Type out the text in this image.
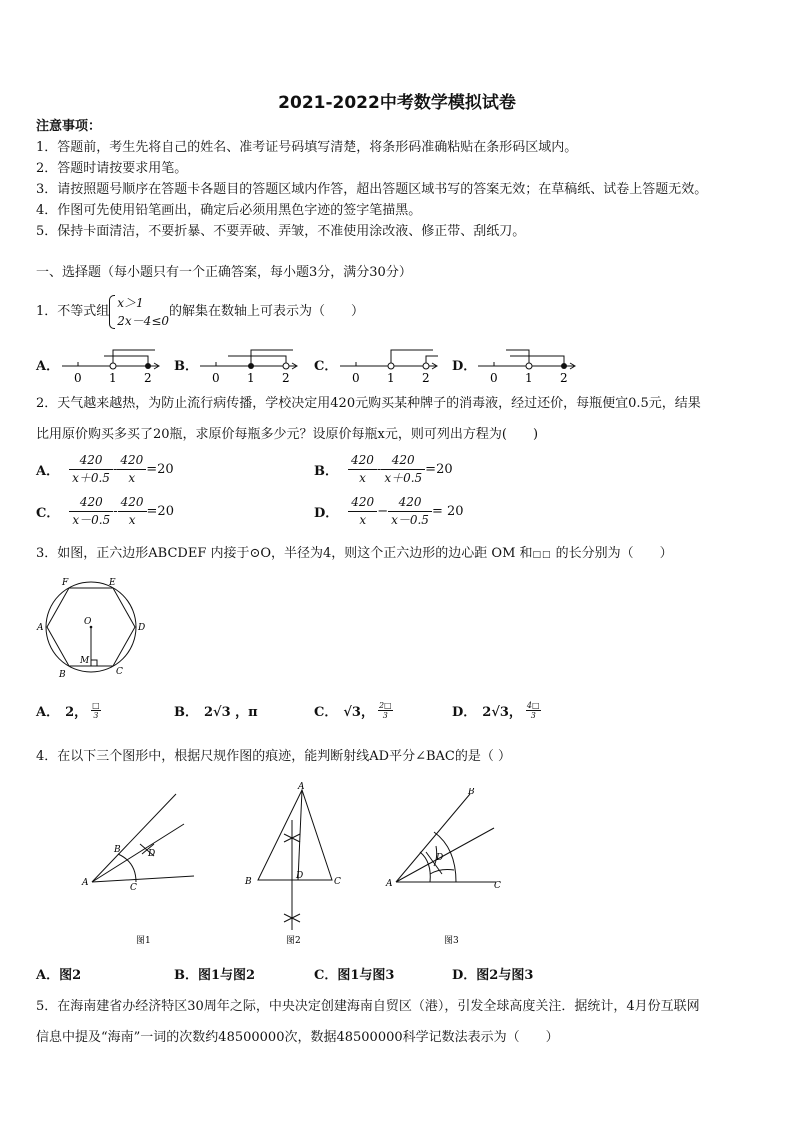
2021-2022中考数学模拟试卷
注意事项：
1．答题前，考生先将自己的姓名、准考证号码填写清楚，将条形码准确粘贴在条形码区域内。
2．答题时请按要求用笔。
3．请按照题号顺序在答题卡各题目的答题区域内作答，超出答题区域书写的答案无效；在草稿纸、试卷上答题无效。
4．作图可先使用铅笔画出，确定后必须用黑色字迹的签字笔描黑。
5．保持卡面清洁，不要折暴、不要弄破、弄皱，不准使用涂改液、修正带、刮纸刀。
一、选择题（每小题只有一个正确答案，每小题3分，满分30分）
1．不等式组
x＞1
2x－4≤0
的解集在数轴上可表示为（　　）
A．	B．	C．	D．
0 1 2	0 1 2	0 1 2	0 1 2
2．天气越来越热，为防止流行病传播，学校决定用420元购买某种牌子的消毒液，经过还价，每瓶便宜0.5元，结果
比用原价购买多买了20瓶，求原价每瓶多少元？设原价每瓶x元，则可列出方程为(　　)
A． $\frac{420}{x+0.5} - \frac{420}{x} =20$	B． $\frac{420}{x} - \frac{420}{x+0.5} =20$
C． $\frac{420}{x-0.5} - \frac{420}{x} =20$	D． $\frac{420}{x} - \frac{420}{x-0.5} = 20$
3．如图，正六边形ABCDEF 内接于⊙O，半径为4，则这个正六边形的边心距 OM 和□□ 的长分别为（　　）
F	E
A	D
B	C
O
M
A． 2， $\frac{□}{3}$	B． 2√3 ，π	C． √3， $\frac{2□}{3}$	D． 2√3， $\frac{4□}{3}$
4．在以下三个图形中，根据尺规作图的痕迹，能判断射线AD平分∠BAC的是（ ）
B	D
A	C
图1
A
B
D
C
图2
B
D
A	C
图3
A．图2	B．图1与图2	C．图1与图3	D．图2与图3
5．在海南建省办经济特区30周年之际，中央决定创建海南自贸区（港），引发全球高度关注．据统计，4月份互联网
信息中提及“海南”一词的次数约48500000次，数据48500000科学记数法表示为（　　）
